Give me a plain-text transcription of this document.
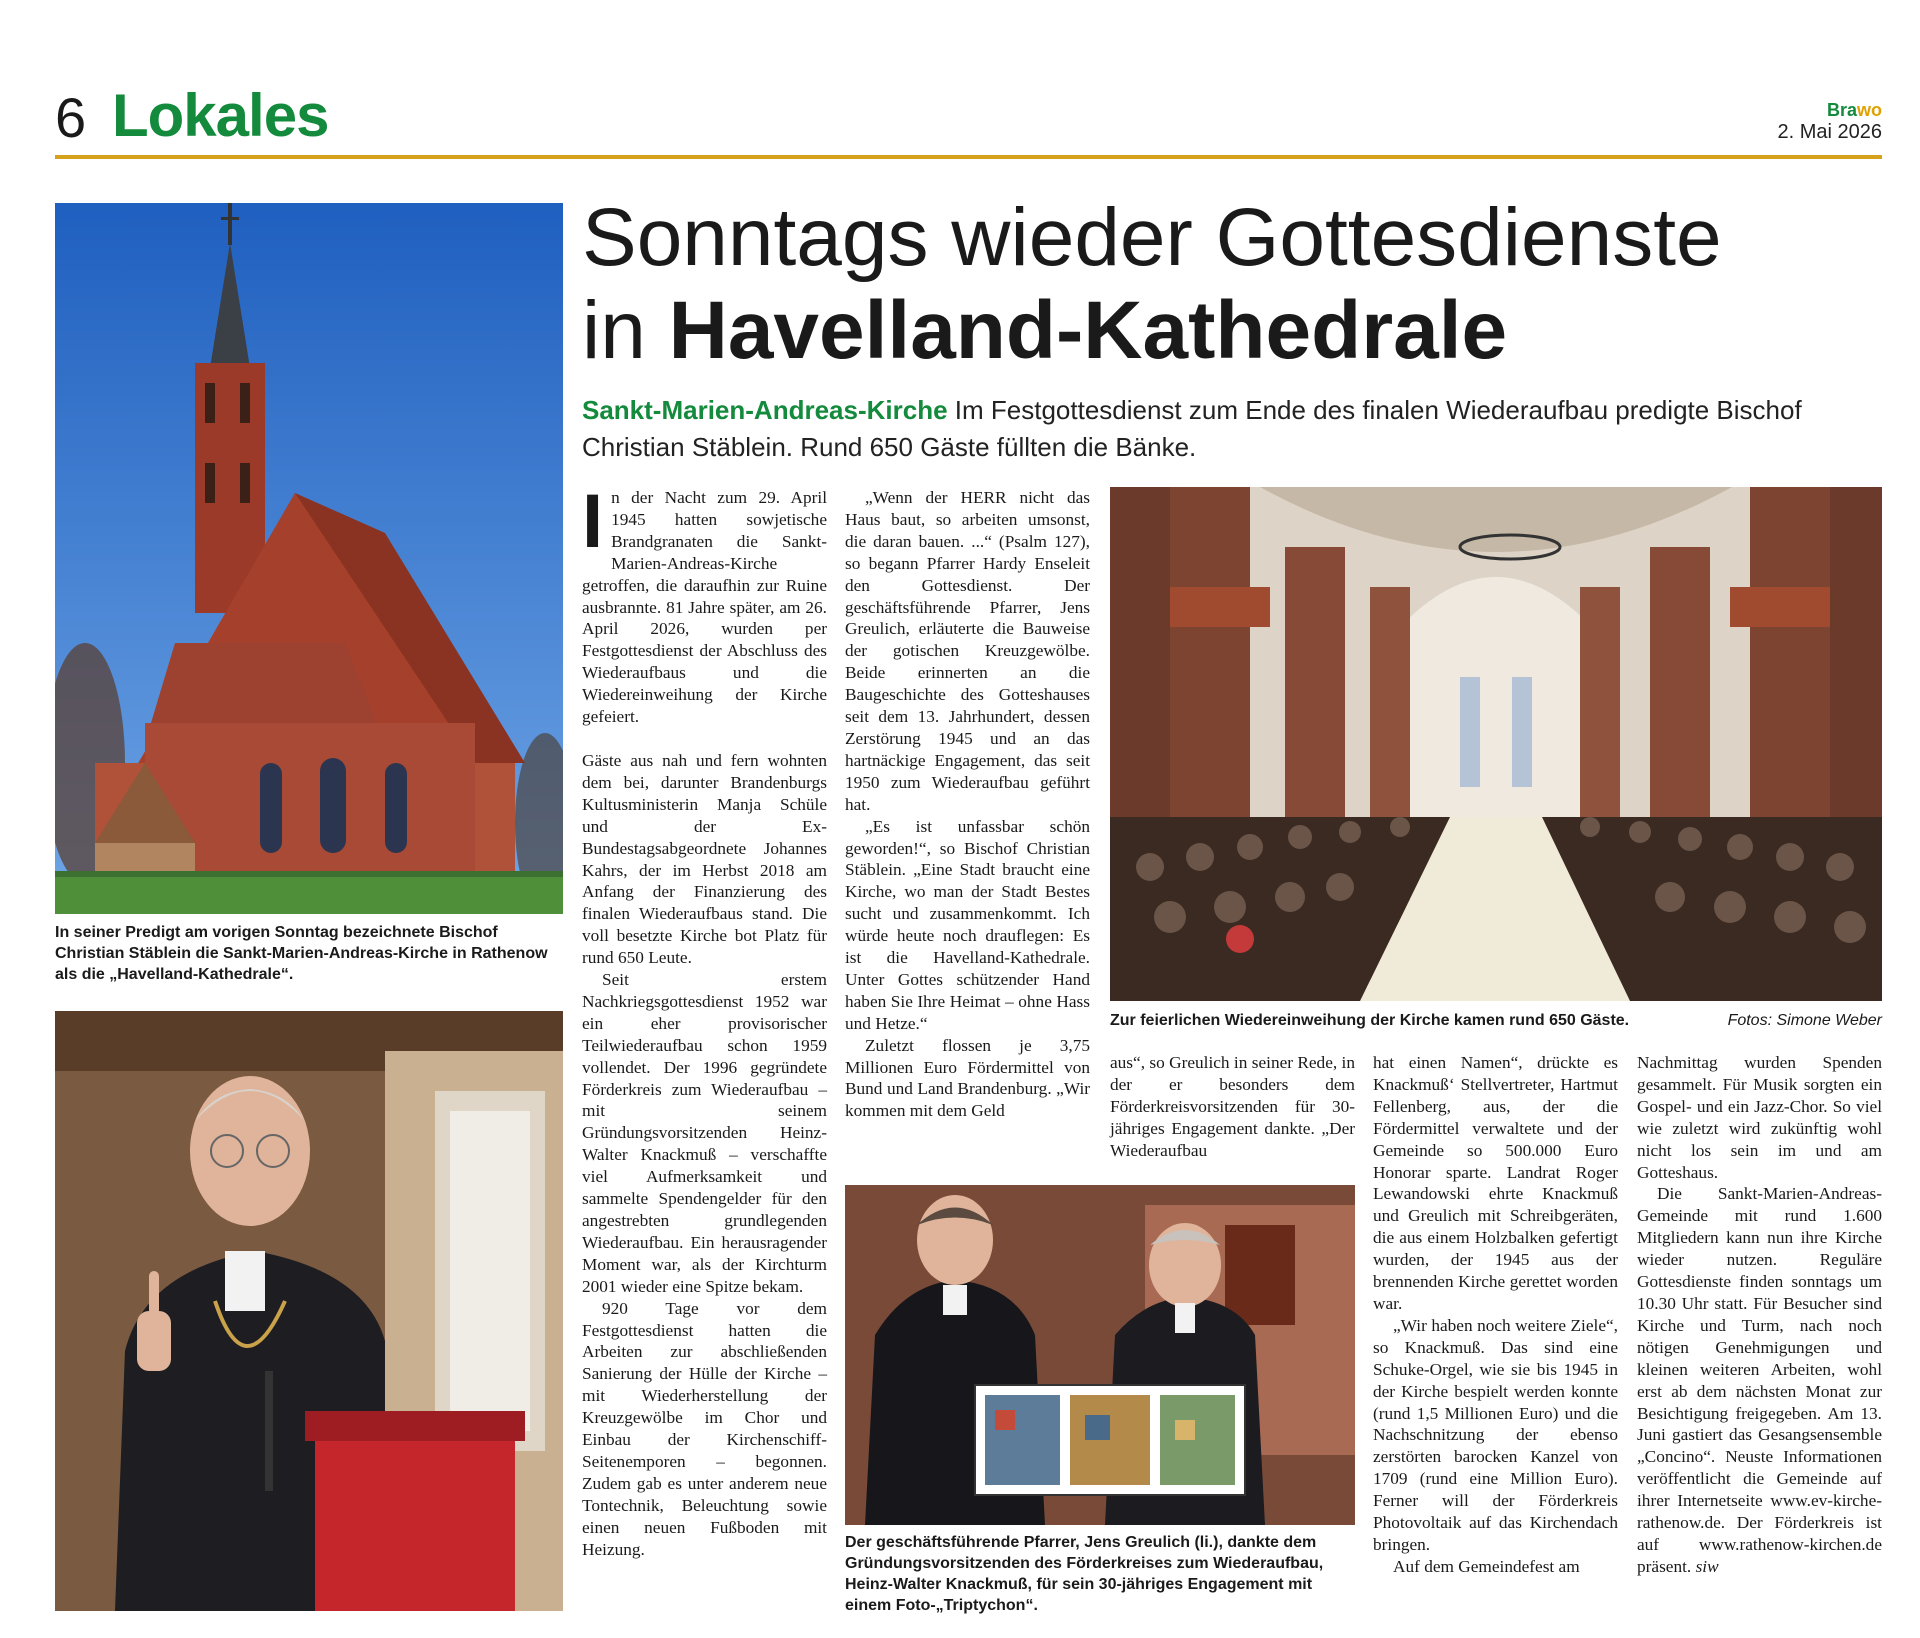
6 Lokales	Brawo
2. Mai 2026
Sonntags wieder Gottesdienste
in Havelland-Kathedrale
Sankt-Marien-Andreas-Kirche Im Festgottesdienst zum Ende des finalen Wiederaufbau predigte Bischof Christian Stäblein. Rund 650 Gäste füllten die Bänke.
In seiner Predigt am vorigen Sonntag bezeichnete Bischof Christian Stäblein die Sankt-Marien-Andreas-Kirche in Rathenow als die „Havelland-Kathedrale“.

In der Nacht zum 29. April 1945 hatten sowjetische Brandgranaten die Sankt-Marien-Andreas-Kirche getroffen, die daraufhin zur Ruine ausbrannte. 81 Jahre später, am 26. April 2026, wurden per Festgottesdienst der Abschluss des Wiederaufbaus und die Wiedereinweihung der Kirche gefeiert.

Gäste aus nah und fern wohnten dem bei, darunter Brandenburgs Kultusministerin Manja Schüle und der Ex-Bundestagsabgeordnete Johannes Kahrs, der im Herbst 2018 am Anfang der Finanzierung des finalen Wiederaufbaus stand. Die voll besetzte Kirche bot Platz für rund 650 Leute.

Seit erstem Nachkriegsgottesdienst 1952 war ein eher provisorischer Teilwiederaufbau schon 1959 vollendet. Der 1996 gegründete Förderkreis zum Wiederaufbau – mit seinem Gründungsvorsitzenden Heinz-Walter Knackmuß – verschaffte viel Aufmerksamkeit und sammelte Spendengelder für den angestrebten grundlegenden Wiederaufbau. Ein herausragender Moment war, als der Kirchturm 2001 wieder eine Spitze bekam.

920 Tage vor dem Festgottesdienst hatten die Arbeiten zur abschließenden Sanierung der Hülle der Kirche – mit Wiederherstellung der Kreuzgewölbe im Chor und Einbau der Kirchenschiff-Seitenemporen – begonnen. Zudem gab es unter anderem neue Tontechnik, Beleuchtung sowie einen neuen Fußboden mit Heizung.

„Wenn der HERR nicht das Haus baut, so arbeiten umsonst, die daran bauen. ...“ (Psalm 127), so begann Pfarrer Hardy Enseleit den Gottesdienst. Der geschäftsführende Pfarrer, Jens Greulich, erläuterte die Bauweise der gotischen Kreuzgewölbe. Beide erinnerten an die Baugeschichte des Gotteshauses seit dem 13. Jahrhundert, dessen Zerstörung 1945 und an das hartnäckige Engagement, das seit 1950 zum Wiederaufbau geführt hat.

„Es ist unfassbar schön geworden!“, so Bischof Christian Stäblein. „Eine Stadt braucht eine Kirche, wo man der Stadt Bestes sucht und zusammenkommt. Ich würde heute noch drauflegen: Es ist die Havelland-Kathedrale. Unter Gottes schützender Hand haben Sie Ihre Heimat – ohne Hass und Hetze.“

Zuletzt flossen je 3,75 Millionen Euro Fördermittel von Bund und Land Brandenburg. „Wir kommen mit dem Geld

Zur feierlichen Wiedereinweihung der Kirche kamen rund 650 Gäste.	Fotos: Simone Weber

aus“, so Greulich in seiner Rede, in der er besonders dem Förderkreisvorsitzenden für 30-jähriges Engagement dankte. „Der Wiederaufbau

Der geschäftsführende Pfarrer, Jens Greulich (li.), dankte dem Gründungsvorsitzenden des Förderkreises zum Wiederaufbau, Heinz-Walter Knackmuß, für sein 30-jähriges Engagement mit einem Foto-„Triptychon“.

hat einen Namen“, drückte es Knackmuß‘ Stellvertreter, Hartmut Fellenberg, aus, der die Fördermittel verwaltete und der Gemeinde so 500.000 Euro Honorar sparte. Landrat Roger Lewandowski ehrte Knackmuß und Greulich mit Schreibgeräten, die aus einem Holzbalken gefertigt wurden, der 1945 aus der brennenden Kirche gerettet worden war.

„Wir haben noch weitere Ziele“, so Knackmuß. Das sind eine Schuke-Orgel, wie sie bis 1945 in der Kirche bespielt werden konnte (rund 1,5 Millionen Euro) und die Nachschnitzung der ebenso zerstörten barocken Kanzel von 1709 (rund eine Million Euro). Ferner will der Förderkreis Photovoltaik auf das Kirchendach bringen.

Auf dem Gemeindefest am

Nachmittag wurden Spenden gesammelt. Für Musik sorgten ein Gospel- und ein Jazz-Chor. So viel wie zuletzt wird zukünftig wohl nicht los sein im und am Gotteshaus.

Die Sankt-Marien-Andreas-Gemeinde mit rund 1.600 Mitgliedern kann nun ihre Kirche wieder nutzen. Reguläre Gottesdienste finden sonntags um 10.30 Uhr statt. Für Besucher sind Kirche und Turm, nach noch nötigen Genehmigungen und kleinen weiteren Arbeiten, wohl erst ab dem nächsten Monat zur Besichtigung freigegeben. Am 13. Juni gastiert das Gesangsensemble „Concino“. Neuste Informationen veröffentlicht die Gemeinde auf ihrer Internetseite www.ev-kirche-rathenow.de. Der Förderkreis ist auf www.rathenow-kirchen.de präsent. siw
